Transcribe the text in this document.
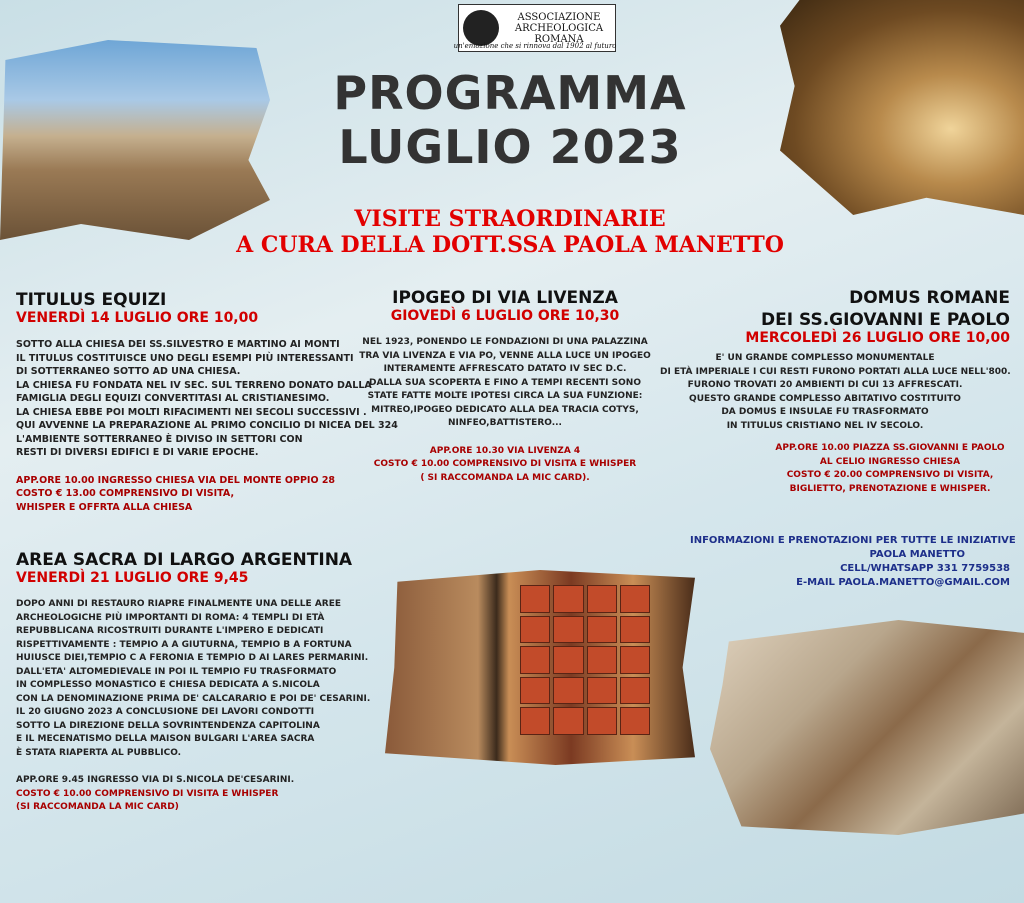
ASSOCIAZIONE
ARCHEOLOGICA
ROMANA
un'emozione che si rinnova dal 1902 al futuro
PROGRAMMA
LUGLIO 2023
VISITE STRAORDINARIE
A CURA DELLA DOTT.SSA PAOLA MANETTO
TITULUS EQUIZI
VENERDÌ 14 LUGLIO ORE 10,00
SOTTO ALLA CHIESA DEI SS.SILVESTRO E MARTINO AI MONTI
IL TITULUS COSTITUISCE UNO DEGLI ESEMPI PIÙ INTERESSANTI
DI SOTTERRANEO SOTTO AD UNA CHIESA.
LA CHIESA FU FONDATA NEL IV SEC. SUL TERRENO DONATO DALLA
FAMIGLIA DEGLI EQUIZI CONVERTITASI AL CRISTIANESIMO.
LA CHIESA EBBE POI MOLTI RIFACIMENTI NEI SECOLI SUCCESSIVI .
QUI AVVENNE LA PREPARAZIONE AL PRIMO CONCILIO DI NICEA DEL 324
L'AMBIENTE SOTTERRANEO È DIVISO IN SETTORI CON
RESTI DI DIVERSI EDIFICI E DI VARIE EPOCHE.
APP.ORE 10.00 INGRESSO CHIESA VIA DEL MONTE OPPIO 28
COSTO € 13.00 COMPRENSIVO DI VISITA,
WHISPER E OFFRTA ALLA CHIESA
IPOGEO DI VIA LIVENZA
GIOVEDÌ 6 LUGLIO ORE 10,30
NEL 1923, PONENDO LE FONDAZIONI DI UNA PALAZZINA
TRA VIA LIVENZA E VIA PO, VENNE ALLA LUCE UN IPOGEO
INTERAMENTE AFFRESCATO DATATO IV SEC D.C.
DALLA SUA SCOPERTA E FINO A TEMPI RECENTI SONO
STATE FATTE MOLTE IPOTESI CIRCA LA SUA FUNZIONE:
MITREO,IPOGEO DEDICATO ALLA DEA TRACIA COTYS,
NINFEO,BATTISTERO...
APP.ORE 10.30 VIA LIVENZA 4
COSTO € 10.00 COMPRENSIVO DI VISITA E WHISPER
( SI RACCOMANDA LA MIC CARD).
DOMUS ROMANE
DEI SS.GIOVANNI E PAOLO
MERCOLEDÌ 26 LUGLIO ORE 10,00
E' UN GRANDE COMPLESSO MONUMENTALE
DI ETÀ IMPERIALE I CUI RESTI FURONO PORTATI ALLA LUCE NELL'800.
FURONO TROVATI 20 AMBIENTI DI CUI 13 AFFRESCATI.
QUESTO GRANDE COMPLESSO ABITATIVO COSTITUITO
DA DOMUS E INSULAE FU TRASFORMATO
IN TITULUS CRISTIANO NEL IV SECOLO.
APP.ORE 10.00 PIAZZA SS.GIOVANNI E PAOLO
AL CELIO INGRESSO CHIESA
COSTO € 20.00 COMPRENSIVO DI VISITA,
BIGLIETTO, PRENOTAZIONE E WHISPER.
INFORMAZIONI E PRENOTAZIONI PER TUTTE LE INIZIATIVE
PAOLA MANETTO
CELL/WHATSAPP 331 7759538
E-MAIL PAOLA.MANETTO@GMAIL.COM
AREA SACRA DI LARGO ARGENTINA
VENERDÌ 21 LUGLIO ORE 9,45
DOPO ANNI DI RESTAURO RIAPRE FINALMENTE UNA DELLE AREE
ARCHEOLOGICHE PIÙ IMPORTANTI DI ROMA: 4 TEMPLI DI ETÀ
REPUBBLICANA RICOSTRUITI DURANTE L'IMPERO E DEDICATI
RISPETTIVAMENTE : TEMPIO A A GIUTURNA, TEMPIO B A FORTUNA
HUIUSCE DIEI,TEMPIO C A FERONIA E TEMPIO D AI LARES PERMARINI.
DALL'ETA' ALTOMEDIEVALE IN POI IL TEMPIO FU TRASFORMATO
IN COMPLESSO MONASTICO E CHIESA DEDICATA A S.NICOLA
CON LA DENOMINAZIONE PRIMA DE' CALCARARIO E POI DE' CESARINI.
IL 20 GIUGNO 2023 A CONCLUSIONE DEI LAVORI CONDOTTI
SOTTO LA DIREZIONE DELLA SOVRINTENDENZA CAPITOLINA
E IL MECENATISMO DELLA MAISON BULGARI L'AREA SACRA
È STATA RIAPERTA AL PUBBLICO.
APP.ORE 9.45 INGRESSO VIA DI S.NICOLA DE'CESARINI.
COSTO € 10.00 COMPRENSIVO DI VISITA E WHISPER
(SI RACCOMANDA LA MIC CARD)
